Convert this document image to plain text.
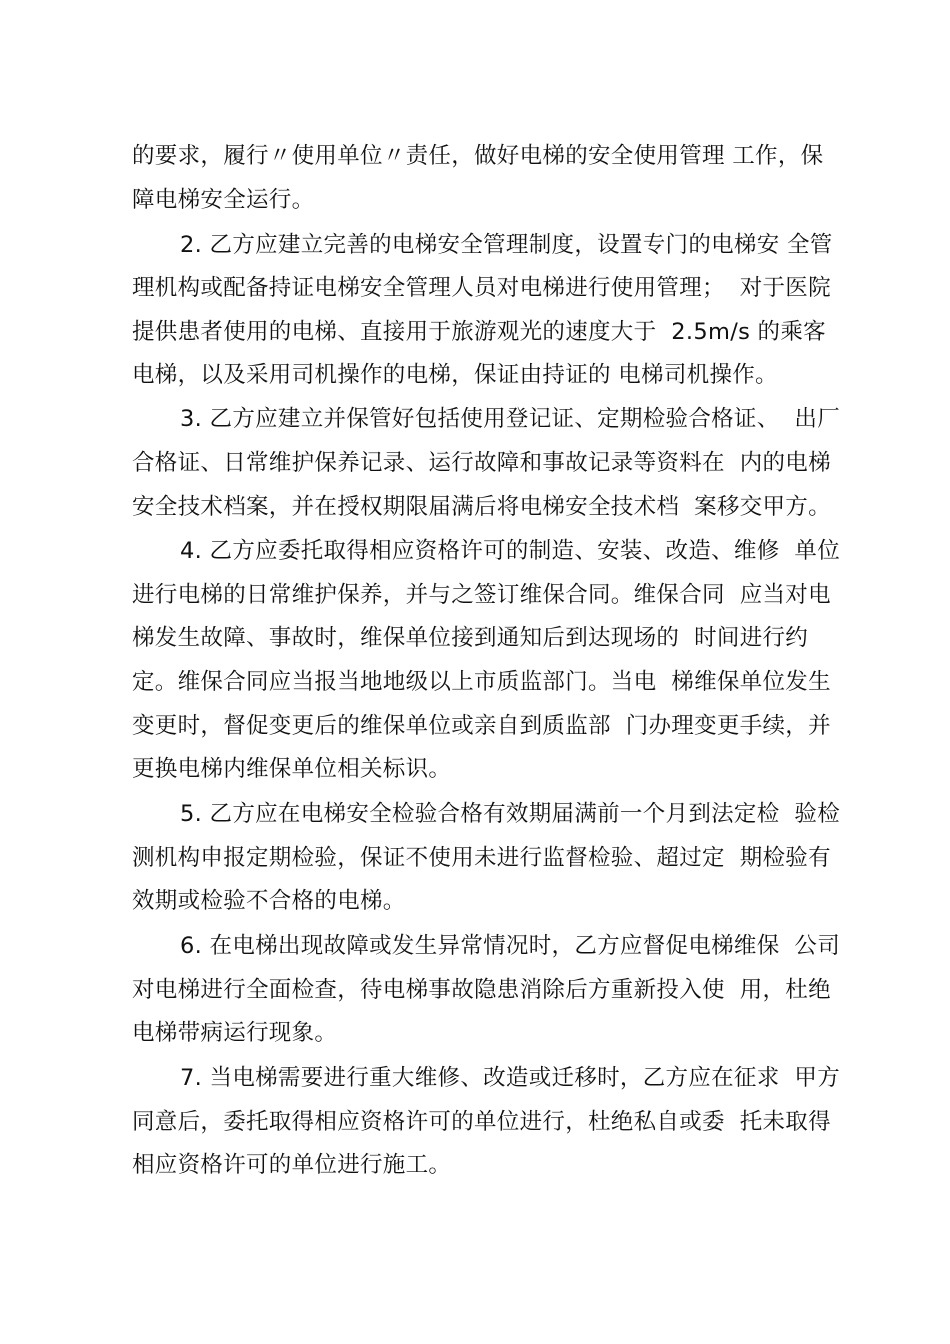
的要求，履行〃使用单位〃责任，做好电梯的安全使用管理 工作，保
障电梯安全运行。
2. 乙方应建立完善的电梯安全管理制度，设置专门的电梯安 全管
理机构或配备持证电梯安全管理人员对电梯进行使用管理；  对于医院
提供患者使用的电梯、直接用于旅游观光的速度大于  2.5m/s 的乘客
电梯，以及采用司机操作的电梯，保证由持证的 电梯司机操作。
3. 乙方应建立并保管好包括使用登记证、定期检验合格证、  出厂
合格证、日常维护保养记录、运行故障和事故记录等资料在  内的电梯
安全技术档案，并在授权期限届满后将电梯安全技术档  案移交甲方。
4. 乙方应委托取得相应资格许可的制造、安装、改造、维修  单位
进行电梯的日常维护保养，并与之签订维保合同。维保合同  应当对电
梯发生故障、事故时，维保单位接到通知后到达现场的  时间进行约
定。维保合同应当报当地地级以上市质监部门。当电  梯维保单位发生
变更时，督促变更后的维保单位或亲自到质监部  门办理变更手续，并
更换电梯内维保单位相关标识。
5. 乙方应在电梯安全检验合格有效期届满前一个月到法定检  验检
测机构申报定期检验，保证不使用未进行监督检验、超过定  期检验有
效期或检验不合格的电梯。
6. 在电梯出现故障或发生异常情况时，乙方应督促电梯维保  公司
对电梯进行全面检查，待电梯事故隐患消除后方重新投入使  用，杜绝
电梯带病运行现象。
7. 当电梯需要进行重大维修、改造或迁移时，乙方应在征求  甲方
同意后，委托取得相应资格许可的单位进行，杜绝私自或委  托未取得
相应资格许可的单位进行施工。
